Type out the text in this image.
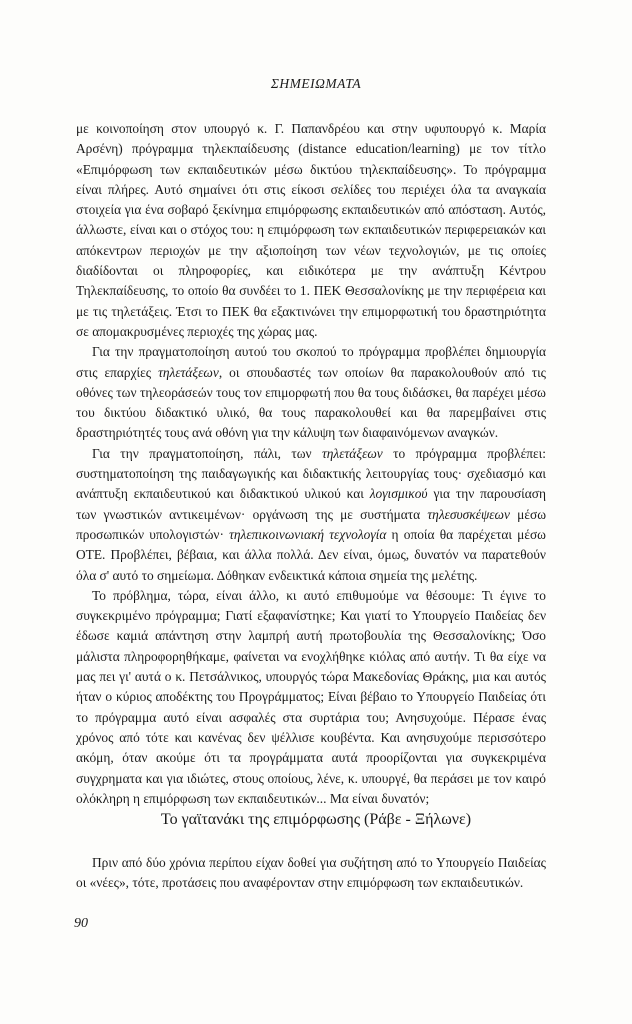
ΣΗΜΕΙΩΜΑΤΑ

με κοινοποίηση στον υπουργό κ. Γ. Παπανδρέου και στην υφυπουργό κ. Μαρία Αρσένη) πρόγραμμα τηλεκπαίδευσης (distance education/learning) με τον τίτλο «Επιμόρφωση των εκπαιδευτικών μέσω δικτύου τηλεκπαίδευσης». Το πρόγραμμα είναι πλήρες. Αυτό σημαίνει ότι στις είκοσι σελίδες του περιέχει όλα τα αναγκαία στοιχεία για ένα σοβαρό ξεκίνημα επιμόρφωσης εκπαιδευτικών από απόσταση. Αυτός, άλλωστε, είναι και ο στόχος του: η επιμόρφωση των εκπαιδευτικών περιφερειακών και απόκεντρων περιοχών με την αξιοποίηση των νέων τεχνολογιών, με τις οποίες διαδίδονται οι πληροφορίες, και ειδικότερα με την ανάπτυξη Κέντρου Τηλεκπαίδευσης, το οποίο θα συνδέει το 1. ΠΕΚ Θεσσαλονίκης με την περιφέρεια και με τις τηλετάξεις. Έτσι το ΠΕΚ θα εξακτινώνει την επιμορφωτική του δραστηριότητα σε απομακρυσμένες περιοχές της χώρας μας.

Για την πραγματοποίηση αυτού του σκοπού το πρόγραμμα προβλέπει δημιουργία στις επαρχίες τηλετάξεων, οι σπουδαστές των οποίων θα παρακολουθούν από τις οθόνες των τηλεοράσεών τους τον επιμορφωτή που θα τους διδάσκει, θα παρέχει μέσω του δικτύου διδακτικό υλικό, θα τους παρακολουθεί και θα παρεμβαίνει στις δραστηριότητές τους ανά οθόνη για την κάλυψη των διαφαινόμενων αναγκών.

Για την πραγματοποίηση, πάλι, των τηλετάξεων το πρόγραμμα προβλέπει: συστηματοποίηση της παιδαγωγικής και διδακτικής λειτουργίας τους· σχεδιασμό και ανάπτυξη εκπαιδευτικού και διδακτικού υλικού και λογισμικού για την παρουσίαση των γνωστικών αντικειμένων· οργάνωση της με συστήματα τηλεσυσκέψεων μέσω προσωπικών υπολογιστών· τηλεπικοινωνιακή τεχνολογία η οποία θα παρέχεται μέσω ΟΤΕ. Προβλέπει, βέβαια, και άλλα πολλά. Δεν είναι, όμως, δυνατόν να παρατεθούν όλα σ' αυτό το σημείωμα. Δόθηκαν ενδεικτικά κάποια σημεία της μελέτης.

Το πρόβλημα, τώρα, είναι άλλο, κι αυτό επιθυμούμε να θέσουμε: Τι έγινε το συγκεκριμένο πρόγραμμα; Γιατί εξαφανίστηκε; Και γιατί το Υπουργείο Παιδείας δεν έδωσε καμιά απάντηση στην λαμπρή αυτή πρωτοβουλία της Θεσσαλονίκης; Όσο μάλιστα πληροφορηθήκαμε, φαίνεται να ενοχλήθηκε κιόλας από αυτήν. Τι θα είχε να μας πει γι' αυτά ο κ. Πετσάλνικος, υπουργός τώρα Μακεδονίας Θράκης, μια και αυτός ήταν ο κύριος αποδέκτης του Προγράμματος; Είναι βέβαιο το Υπουργείο Παιδείας ότι το πρόγραμμα αυτό είναι ασφαλές στα συρτάρια του; Ανησυχούμε. Πέρασε ένας χρόνος από τότε και κανένας δεν ψέλλισε κουβέντα. Και ανησυχούμε περισσότερο ακόμη, όταν ακούμε ότι τα προγράμματα αυτά προορίζονται για συγκεκριμένα συγχρηματα και για ιδιώτες, στους οποίους, λένε, κ. υπουργέ, θα περάσει με τον καιρό ολόκληρη η επιμόρφωση των εκπαιδευτικών... Μα είναι δυνατόν;

Το γαϊτανάκι της επιμόρφωσης (Ράβε - Ξήλωνε)

Πριν από δύο χρόνια περίπου είχαν δοθεί για συζήτηση από το Υπουργείο Παιδείας οι «νέες», τότε, προτάσεις που αναφέρονταν στην επιμόρφωση των εκπαιδευτικών.

90
